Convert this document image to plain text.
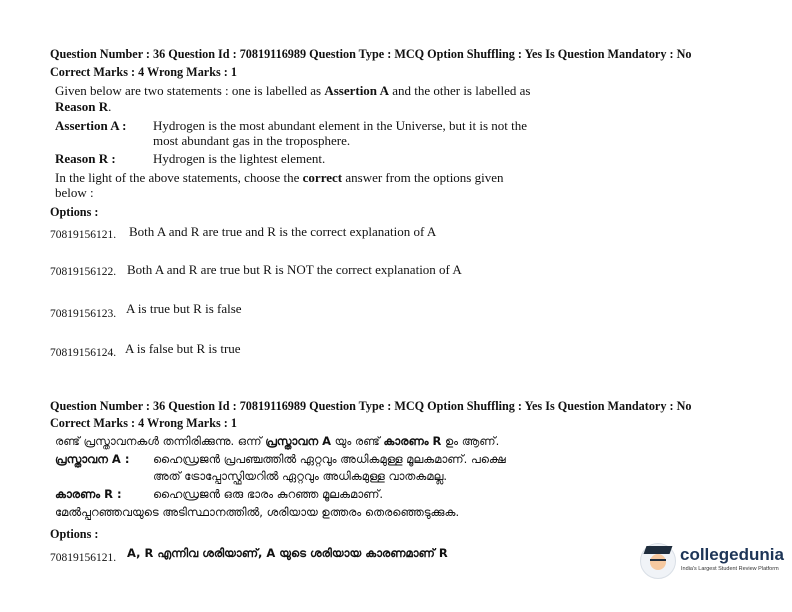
Question Number : 36 Question Id : 70819116989 Question Type : MCQ Option Shuffling : Yes Is Question Mandatory : No
Correct Marks : 4 Wrong Marks : 1
Given below are two statements : one is labelled as Assertion A and the other is labelled as
Reason R.
Assertion A : Hydrogen is the most abundant element in the Universe, but it is not the
most abundant gas in the troposphere.
Reason R :	Hydrogen is the lightest element.
In the light of the above statements, choose the correct answer from the options given
below :
Options :
70819156121. Both A and R are true and R is the correct explanation of A
70819156122. Both A and R are true but R is NOT the correct explanation of A
70819156123. A is true but R is false
70819156124. A is false but R is true
Question Number : 36 Question Id : 70819116989 Question Type : MCQ Option Shuffling : Yes Is Question Mandatory : No
Correct Marks : 4 Wrong Marks : 1
രണ്ട് പ്രസ്താവനകൾ തന്നിരിക്കുന്നു. ഒന്ന് പ്രസ്താവന A യും രണ്ട് കാരണം R ഉം ആണ്.
പ്രസ്താവന A : ഹൈഡ്രജൻ പ്രപഞ്ചത്തിൽ ഏറ്റവും അധികമുള്ള മൂലകമാണ്. പക്ഷെ
അത് ട്രോപ്പോസ്ഫിയറിൽ ഏറ്റവും അധികമുള്ള വാതകമല്ല.
കാരണം R :	ഹൈഡ്രജൻ ഒരു ഭാരം കുറഞ്ഞ മൂലകമാണ്.
മേൽപ്പറഞ്ഞവയുടെ അടിസ്ഥാനത്തിൽ, ശരിയായ ഉത്തരം തെരഞ്ഞെടുക്കുക.
Options :
70819156121. A, R എന്നിവ ശരിയാണ്, A യുടെ ശരിയായ കാരണമാണ് R	collegedunia
India's Largest Student Review Platform
